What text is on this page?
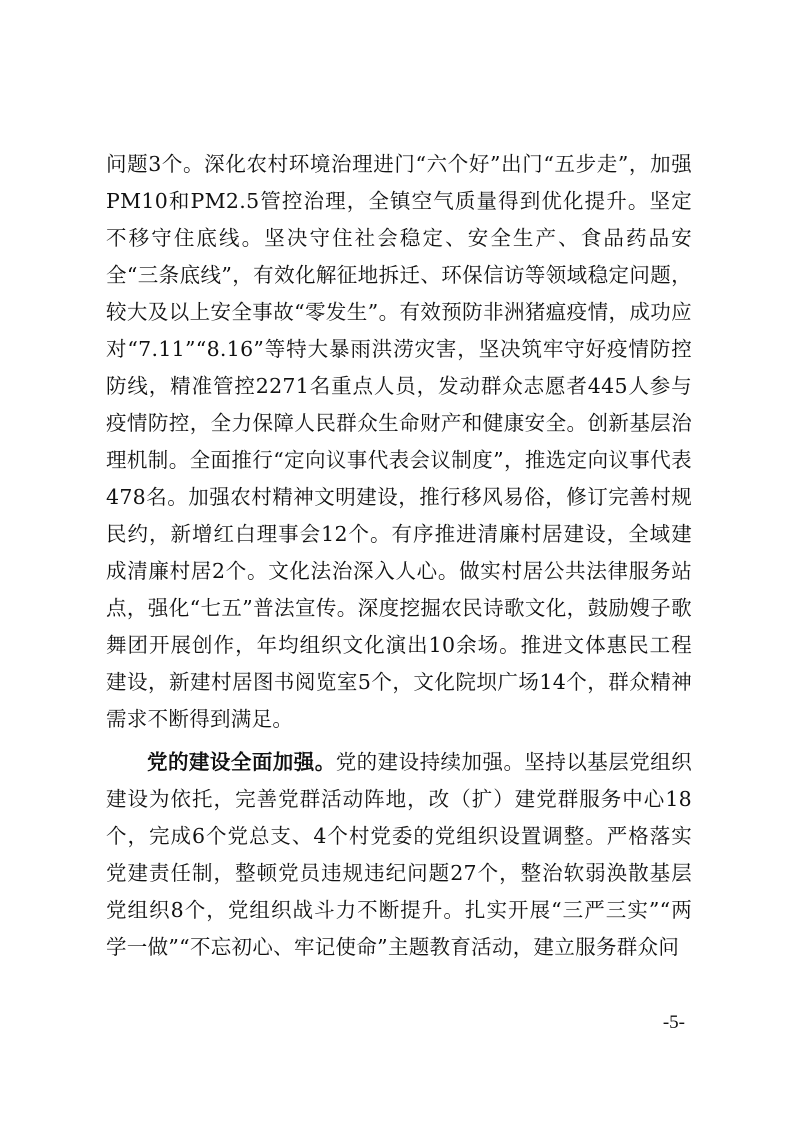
问题3个。深化农村环境治理进门“六个好”出门“五步走”，加强PM10和PM2.5管控治理，全镇空气质量得到优化提升。坚定不移守住底线。坚决守住社会稳定、安全生产、食品药品安全“三条底线”，有效化解征地拆迁、环保信访等领域稳定问题，较大及以上安全事故“零发生”。有效预防非洲猪瘟疫情，成功应对“7.11”“8.16”等特大暴雨洪涝灾害，坚决筑牢守好疫情防控防线，精准管控2271名重点人员，发动群众志愿者445人参与疫情防控，全力保障人民群众生命财产和健康安全。创新基层治理机制。全面推行“定向议事代表会议制度”，推选定向议事代表478名。加强农村精神文明建设，推行移风易俗，修订完善村规民约，新增红白理事会12个。有序推进清廉村居建设，全域建成清廉村居2个。文化法治深入人心。做实村居公共法律服务站点，强化“七五”普法宣传。深度挖掘农民诗歌文化，鼓励嫂子歌舞团开展创作，年均组织文化演出10余场。推进文体惠民工程建设，新建村居图书阅览室5个，文化院坝广场14个，群众精神需求不断得到满足。

党的建设全面加强。党的建设持续加强。坚持以基层党组织建设为依托，完善党群活动阵地，改（扩）建党群服务中心18个，完成6个党总支、4个村党委的党组织设置调整。严格落实党建责任制，整顿党员违规违纪问题27个，整治软弱涣散基层党组织8个，党组织战斗力不断提升。扎实开展“三严三实”“两学一做”“不忘初心、牢记使命”主题教育活动，建立服务群众问

-5-
